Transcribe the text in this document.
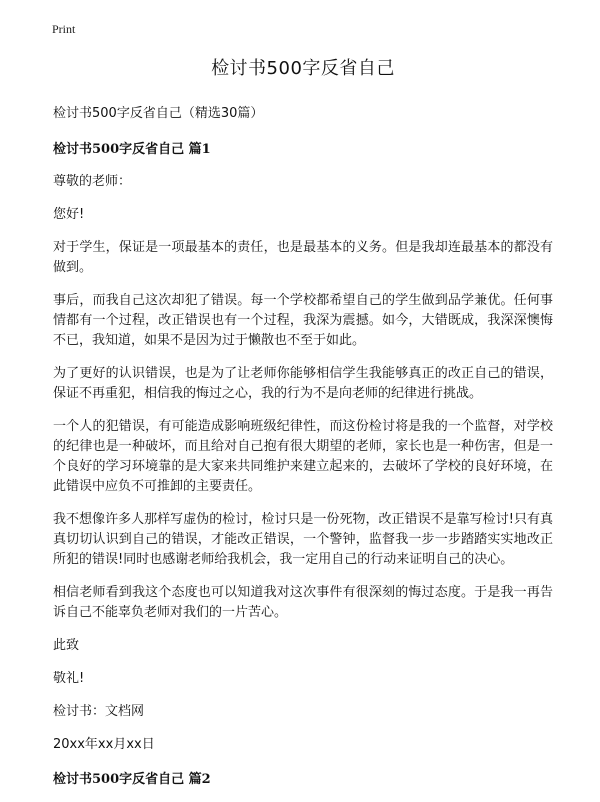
Print
检讨书500字反省自己

检讨书500字反省自己（精选30篇）

检讨书500字反省自己 篇1

尊敬的老师：

您好!

对于学生，保证是一项最基本的责任，也是最基本的义务。但是我却连最基本的都没有做到。

事后，而我自己这次却犯了错误。每一个学校都希望自己的学生做到品学兼优。任何事情都有一个过程，改正错误也有一个过程，我深为震撼。如今，大错既成，我深深懊悔不已，我知道，如果不是因为过于懒散也不至于如此。

为了更好的认识错误，也是为了让老师你能够相信学生我能够真正的改正自己的错误，保证不再重犯，相信我的悔过之心，我的行为不是向老师的纪律进行挑战。

一个人的犯错误，有可能造成影响班级纪律性，而这份检讨将是我的一个监督，对学校的纪律也是一种破坏，而且给对自己抱有很大期望的老师，家长也是一种伤害，但是一个良好的学习环境靠的是大家来共同维护来建立起来的，去破坏了学校的良好环境，在此错误中应负不可推卸的主要责任。

我不想像许多人那样写虚伪的检讨，检讨只是一份死物，改正错误不是靠写检讨!只有真真切切认识到自己的错误，才能改正错误，一个警钟，监督我一步一步踏踏实实地改正所犯的错误!同时也感谢老师给我机会，我一定用自己的行动来证明自己的决心。

相信老师看到我这个态度也可以知道我对这次事件有很深刻的悔过态度。于是我一再告诉自己不能辜负老师对我们的一片苦心。

此致

敬礼!

检讨书：文档网

20xx年xx月xx日

检讨书500字反省自己 篇2
